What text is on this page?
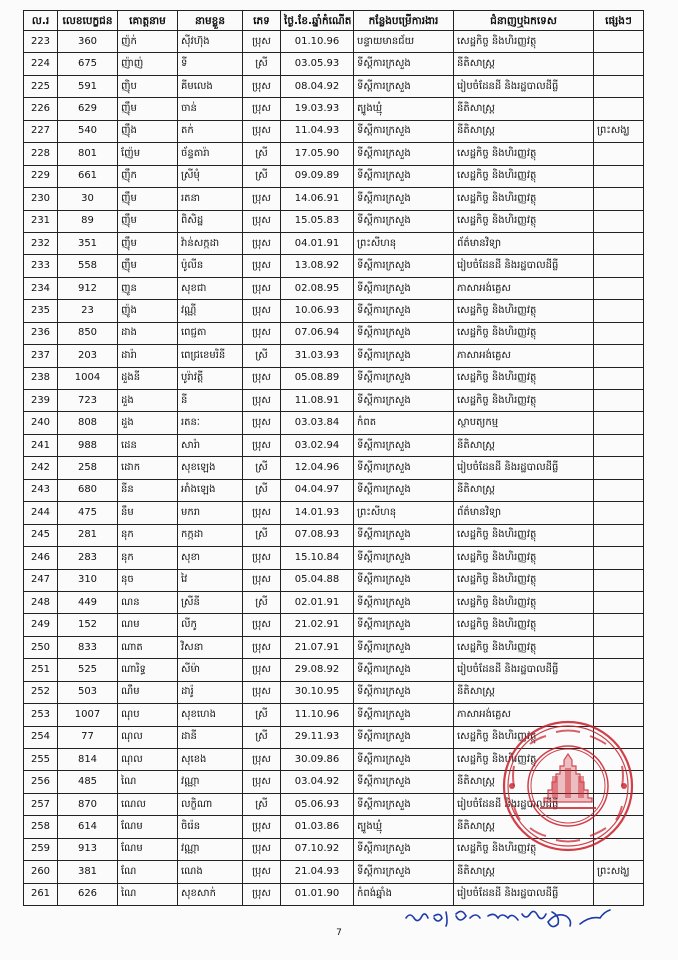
ល.រ	លេខបេក្ខជន	គោត្តនាម	នាមខ្លួន	ភេទ	ថ្ងៃ.ខែ.ឆ្នាំកំណើត	កន្លែងបម្រើការងារ	ជំនាញឬឯកទេស	ផ្សេងៗ
223	360	ញ៉ក់	ស៊ីវហ៊ុង	ប្រុស	01.10.96	បន្ទាយមានជ័យ	សេដ្ឋកិច្ច និងហិរញ្ញវត្ថុ	
224	675	ញ៉ាញ់	ទី	ស្រី	03.05.93	ទីស្តីការក្រសួង	នីតិសាស្ត្រ	
225	591	ញ៉ិប	គីមលេង	ប្រុស	08.04.92	ទីស្តីការក្រសួង	រៀបចំដែនដី និងរដ្ឋបាលដីធ្លី	
226	629	ញ៉ឹម	ចាន់	ប្រុស	19.03.93	ត្បូងឃ្មុំ	នីតិសាស្ត្រ	
227	540	ញ៉ឹង	តក់	ប្រុស	11.04.93	ទីស្តីការក្រសួង	នីតិសាស្ត្រ	ព្រះសង្ឃ
228	801	ញ៉ែម	ច័ន្ទតារ៉ា	ស្រី	17.05.90	ទីស្តីការក្រសួង	សេដ្ឋកិច្ច និងហិរញ្ញវត្ថុ	
229	661	ញ៉ឹក	ស្រីមុំ	ស្រី	09.09.89	ទីស្តីការក្រសួង	សេដ្ឋកិច្ច និងហិរញ្ញវត្ថុ	
230	30	ញ៉ឹម	រតនា	ប្រុស	14.06.91	ទីស្តីការក្រសួង	សេដ្ឋកិច្ច និងហិរញ្ញវត្ថុ	
231	89	ញ៉ឹម	ពិសិដ្ឋ	ប្រុស	15.05.83	ទីស្តីការក្រសួង	សេដ្ឋកិច្ច និងហិរញ្ញវត្ថុ	
232	351	ញ៉ឹម	វ៉ាន់សក្កដា	ប្រុស	04.01.91	ព្រះសីហនុ	ព័ត៌មានវិទ្យា	
233	558	ញ៉ឹម	ប៉ូលីន	ប្រុស	13.08.92	ទីស្តីការក្រសួង	រៀបចំដែនដី និងរដ្ឋបាលដីធ្លី	
234	912	ញូន	សុខជា	ប្រុស	02.08.95	ទីស្តីការក្រសួង	ភាសាអង់គ្លេស	
235	23	ញ៉ូង	វណ្ណី	ប្រុស	10.06.93	ទីស្តីការក្រសួង	សេដ្ឋកិច្ច និងហិរញ្ញវត្ថុ	
236	850	ដាង	ពេជ្ជតា	ប្រុស	07.06.94	ទីស្តីការក្រសួង	សេដ្ឋកិច្ច និងហិរញ្ញវត្ថុ	
237	203	ដារ៉ា	ពេជ្រខេមរិនី	ស្រី	31.03.93	ទីស្តីការក្រសួង	ភាសាអង់គ្លេស	
238	1004	ដួងនី	បូរ៉ាវត្តី	ប្រុស	05.08.89	ទីស្តីការក្រសួង	សេដ្ឋកិច្ច និងហិរញ្ញវត្ថុ	
239	723	ដួង	នី	ប្រុស	11.08.91	ទីស្តីការក្រសួង	សេដ្ឋកិច្ច និងហិរញ្ញវត្ថុ	
240	808	ដួង	រតនៈ	ប្រុស	03.03.84	កំពត	ស្ថាបត្យកម្ម	
241	988	ដេន	សារ៉ា	ប្រុស	03.02.94	ទីស្តីការក្រសួង	នីតិសាស្ត្រ	
242	258	ដោក	សុខឡេង	ស្រី	12.04.96	ទីស្តីការក្រសួង	រៀបចំដែនដី និងរដ្ឋបាលដីធ្លី	
243	680	នីន	អាំងឡេង	ស្រី	04.04.97	ទីស្តីការក្រសួង	នីតិសាស្ត្រ	
244	475	នឹម	មករា	ប្រុស	14.01.93	ព្រះសីហនុ	ព័ត៌មានវិទ្យា	
245	281	នុក	កក្កដា	ស្រី	07.08.93	ទីស្តីការក្រសួង	សេដ្ឋកិច្ច និងហិរញ្ញវត្ថុ	
246	283	នុក	សុខា	ប្រុស	15.10.84	ទីស្តីការក្រសួង	សេដ្ឋកិច្ច និងហិរញ្ញវត្ថុ	
247	310	នុច	វៃ	ប្រុស	05.04.88	ទីស្តីការក្រសួង	សេដ្ឋកិច្ច និងហិរញ្ញវត្ថុ	
248	449	ណន	ស្រីនី	ស្រី	02.01.91	ទីស្តីការក្រសួង	សេដ្ឋកិច្ច និងហិរញ្ញវត្ថុ	
249	152	ណម	លីកូ	ប្រុស	21.02.91	ទីស្តីការក្រសួង	សេដ្ឋកិច្ច និងហិរញ្ញវត្ថុ	
250	833	ណាត	វិសនា	ប្រុស	21.07.91	ទីស្តីការក្រសួង	សេដ្ឋកិច្ច និងហិរញ្ញវត្ថុ	
251	525	ណារិទ្ធ	សីម៉ា	ប្រុស	29.08.92	ទីស្តីការក្រសួង	រៀបចំដែនដី និងរដ្ឋបាលដីធ្លី	
252	503	ណឹម	ដារ៉ូ	ប្រុស	30.10.95	ទីស្តីការក្រសួង	នីតិសាស្ត្រ	
253	1007	ណុប	សុខហេង	ស្រី	11.10.96	ទីស្តីការក្រសួង	ភាសាអង់គ្លេស	
254	77	ណុល	ដានី	ស្រី	29.11.93	ទីស្តីការក្រសួង	សេដ្ឋកិច្ច និងហិរញ្ញវត្ថុ	
255	814	ណុល	សុខេង	ប្រុស	30.09.86	ទីស្តីការក្រសួង	សេដ្ឋកិច្ច និងហិរញ្ញវត្ថុ	
256	485	ណៃ	វណ្ណា	ប្រុស	03.04.92	ទីស្តីការក្រសួង	នីតិសាស្ត្រ	
257	870	ណេល	លក្ខិណា	ស្រី	05.06.93	ទីស្តីការក្រសួង	រៀបចំដែនដី និងរដ្ឋបាលដីធ្លី	
258	614	ណែម	ចិរ៉េន	ប្រុស	01.03.86	ត្បូងឃ្មុំ	នីតិសាស្ត្រ	
259	913	ណែម	វណ្ណា	ប្រុស	07.10.92	ទីស្តីការក្រសួង	សេដ្ឋកិច្ច និងហិរញ្ញវត្ថុ	
260	381	ណែ	ណេង	ប្រុស	21.04.93	ទីស្តីការក្រសួង	នីតិសាស្ត្រ	ព្រះសង្ឃ
261	626	ណៃ	សុខសាក់	ប្រុស	01.01.90	កំពង់ឆ្នាំង	រៀបចំដែនដី និងរដ្ឋបាលដីធ្លី	
7
